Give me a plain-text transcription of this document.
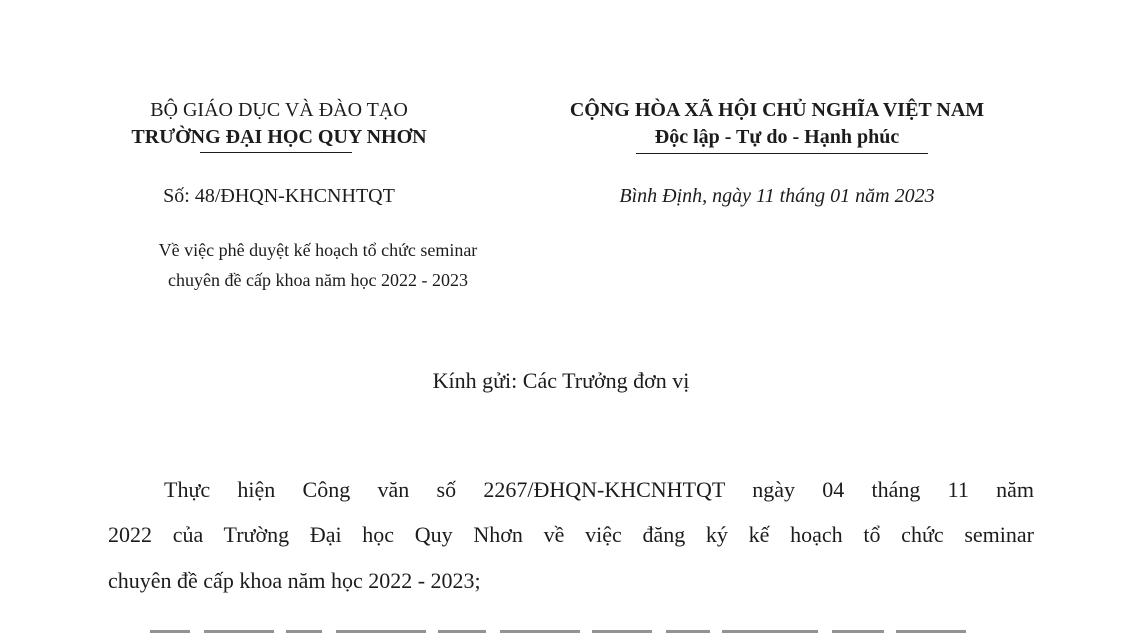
BỘ GIÁO DỤC VÀ ĐÀO TẠO
TRƯỜNG ĐẠI HỌC QUY NHƠN
CỘNG HÒA XÃ HỘI CHỦ NGHĨA VIỆT NAM
Độc lập - Tự do - Hạnh phúc
Số: 48/ĐHQN-KHCNHTQT	Bình Định, ngày 11 tháng 01 năm 2023
Về việc phê duyệt kế hoạch tổ chức seminar
chuyên đề cấp khoa năm học 2022 - 2023
Kính gửi: Các Trưởng đơn vị
Thực hiện Công văn số 2267/ĐHQN-KHCNHTQT ngày 04 tháng 11 năm
2022 của Trường Đại học Quy Nhơn về việc đăng ký kế hoạch tổ chức seminar
chuyên đề cấp khoa năm học 2022 - 2023;
